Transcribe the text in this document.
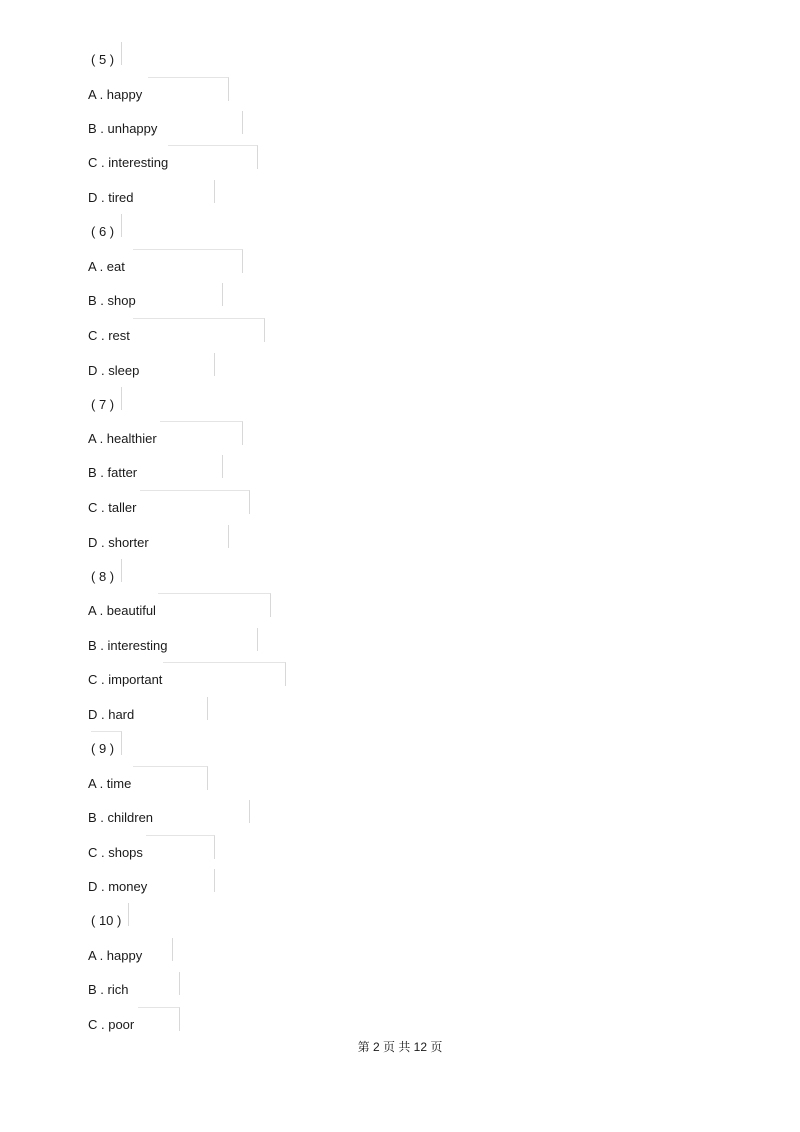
( 5 )
A . happy
B . unhappy
C . interesting
D . tired
( 6 )
A . eat
B . shop
C . rest
D . sleep
( 7 )
A . healthier
B . fatter
C . taller
D . shorter
( 8 )
A . beautiful
B . interesting
C . important
D . hard
( 9 )
A . time
B . children
C . shops
D . money
( 10 )
A . happy
B . rich
C . poor
第 2 页 共 12 页
